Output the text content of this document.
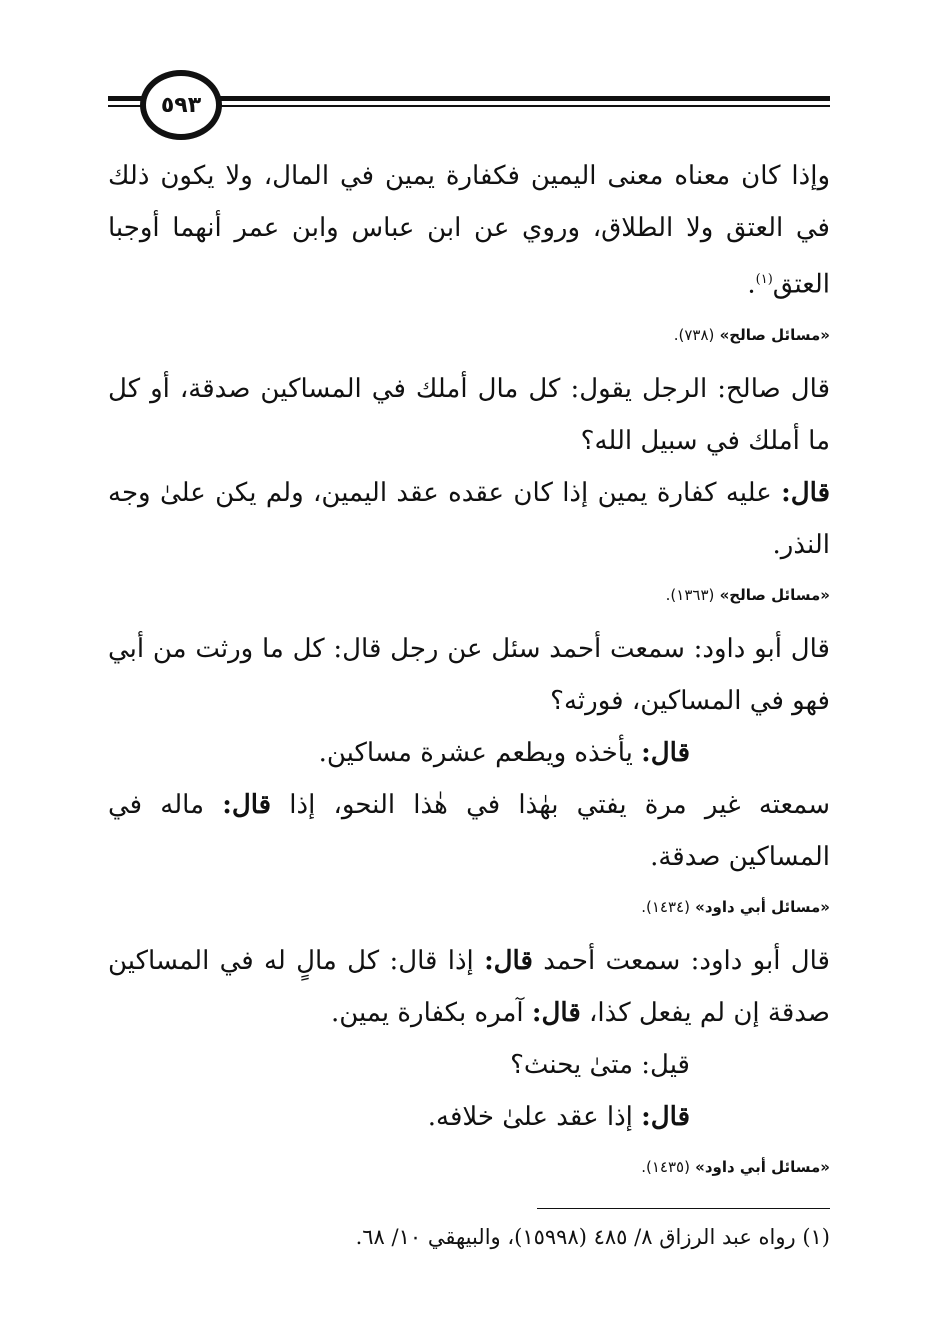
٥٩٣

وإذا كان معناه معنى اليمين فكفارة يمين في المال، ولا يكون ذلك في العتق ولا الطلاق، وروي عن ابن عباس وابن عمر أنهما أوجبا العتق$^{(١)}$.

«مسائل صالح» (٧٣٨).

قال صالح: الرجل يقول: كل مال أملك في المساكين صدقة، أو كل ما أملك في سبيل الله؟

قال: عليه كفارة يمين إذا كان عقده عقد اليمين، ولم يكن علىٰ وجه النذر.

«مسائل صالح» (١٣٦٣).

قال أبو داود: سمعت أحمد سئل عن رجل قال: كل ما ورثت من أبي فهو في المساكين، فورثه؟

قال: يأخذه ويطعم عشرة مساكين.

سمعته غير مرة يفتي بهٰذا في هٰذا النحو، إذا قال: ماله في المساكين صدقة.

«مسائل أبي داود» (١٤٣٤).

قال أبو داود: سمعت أحمد قال: إذا قال: كل مالٍ له في المساكين صدقة إن لم يفعل كذا، قال: آمره بكفارة يمين.

قيل: متىٰ يحنث؟

قال: إذا عقد علىٰ خلافه.

«مسائل أبي داود» (١٤٣٥).
(١) رواه عبد الرزاق ٨/ ٤٨٥ (١٥٩٩٨)، والبيهقي ١٠/ ٦٨.
